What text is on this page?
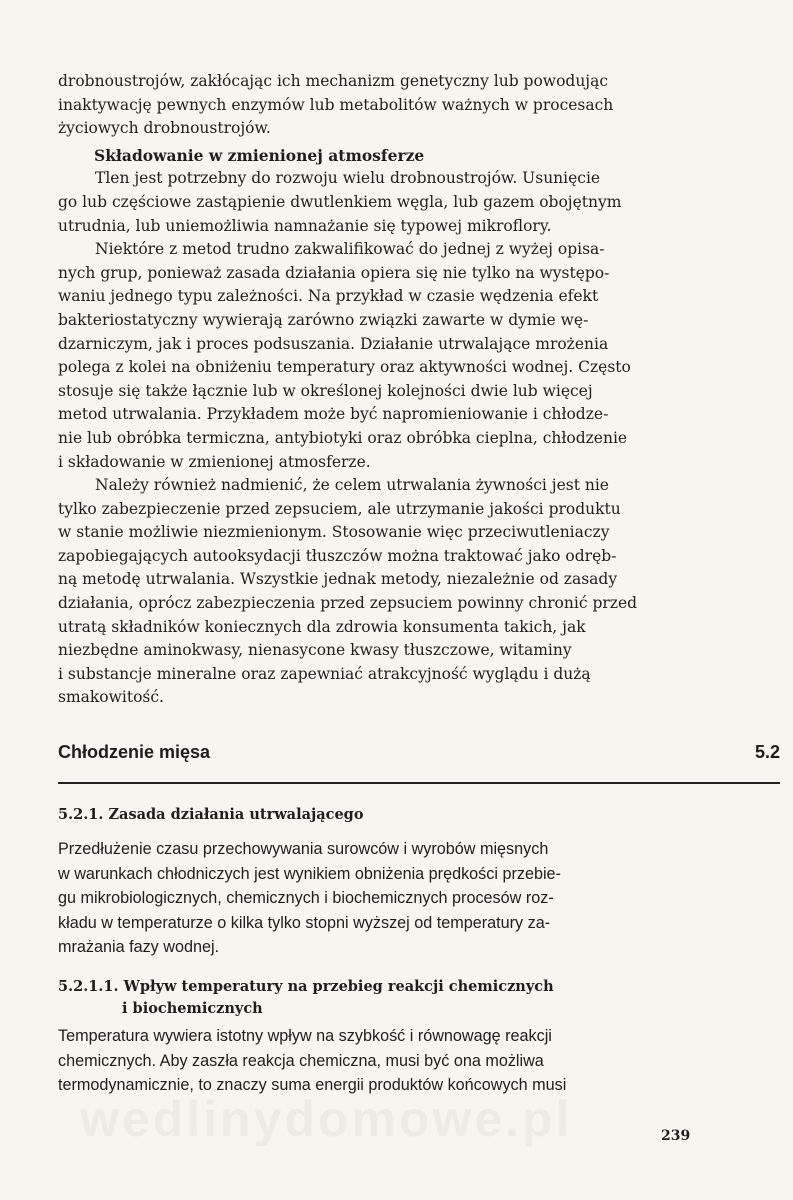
drobnoustrojów, zakłócając ich mechanizm genetyczny lub powodując
inaktywację pewnych enzymów lub metabolitów ważnych w procesach
życiowych drobnoustrojów.

Składowanie w zmienionej atmosferze

Tlen jest potrzebny do rozwoju wielu drobnoustrojów. Usunięcie
go lub częściowe zastąpienie dwutlenkiem węgla, lub gazem obojętnym
utrudnia, lub uniemożliwia namnażanie się typowej mikroflory.

Niektóre z metod trudno zakwalifikować do jednej z wyżej opisa-
nych grup, ponieważ zasada działania opiera się nie tylko na występo-
waniu jednego typu zależności. Na przykład w czasie wędzenia efekt
bakteriostatyczny wywierają zarówno związki zawarte w dymie wę-
dzarniczym, jak i proces podsuszania. Działanie utrwalające mrożenia
polega z kolei na obniżeniu temperatury oraz aktywności wodnej. Często
stosuje się także łącznie lub w określonej kolejności dwie lub więcej
metod utrwalania. Przykładem może być napromieniowanie i chłodze-
nie lub obróbka termiczna, antybiotyki oraz obróbka cieplna, chłodzenie
i składowanie w zmienionej atmosferze.

Należy również nadmienić, że celem utrwalania żywności jest nie
tylko zabezpieczenie przed zepsuciem, ale utrzymanie jakości produktu
w stanie możliwie niezmienionym. Stosowanie więc przeciwutleniaczy
zapobiegających autooksydacji tłuszczów można traktować jako odręb-
ną metodę utrwalania. Wszystkie jednak metody, niezależnie od zasady
działania, oprócz zabezpieczenia przed zepsuciem powinny chronić przed
utratą składników koniecznych dla zdrowia konsumenta takich, jak
niezbędne aminokwasy, nienasycone kwasy tłuszczowe, witaminy
i substancje mineralne oraz zapewniać atrakcyjność wyglądu i dużą
smakowitość.

Chłodzenie mięsa	5.2

5.2.1. Zasada działania utrwalającego

Przedłużenie czasu przechowywania surowców i wyrobów mięsnych
w warunkach chłodniczych jest wynikiem obniżenia prędkości przebie-
gu mikrobiologicznych, chemicznych i biochemicznych procesów roz-
kładu w temperaturze o kilka tylko stopni wyższej od temperatury za-
mrażania fazy wodnej.

5.2.1.1. Wpływ temperatury na przebieg reakcji chemicznych
i biochemicznych

Temperatura wywiera istotny wpływ na szybkość i równowagę reakcji
chemicznych. Aby zaszła reakcja chemiczna, musi być ona możliwa
termodynamicznie, to znaczy suma energii produktów końcowych musi

239
